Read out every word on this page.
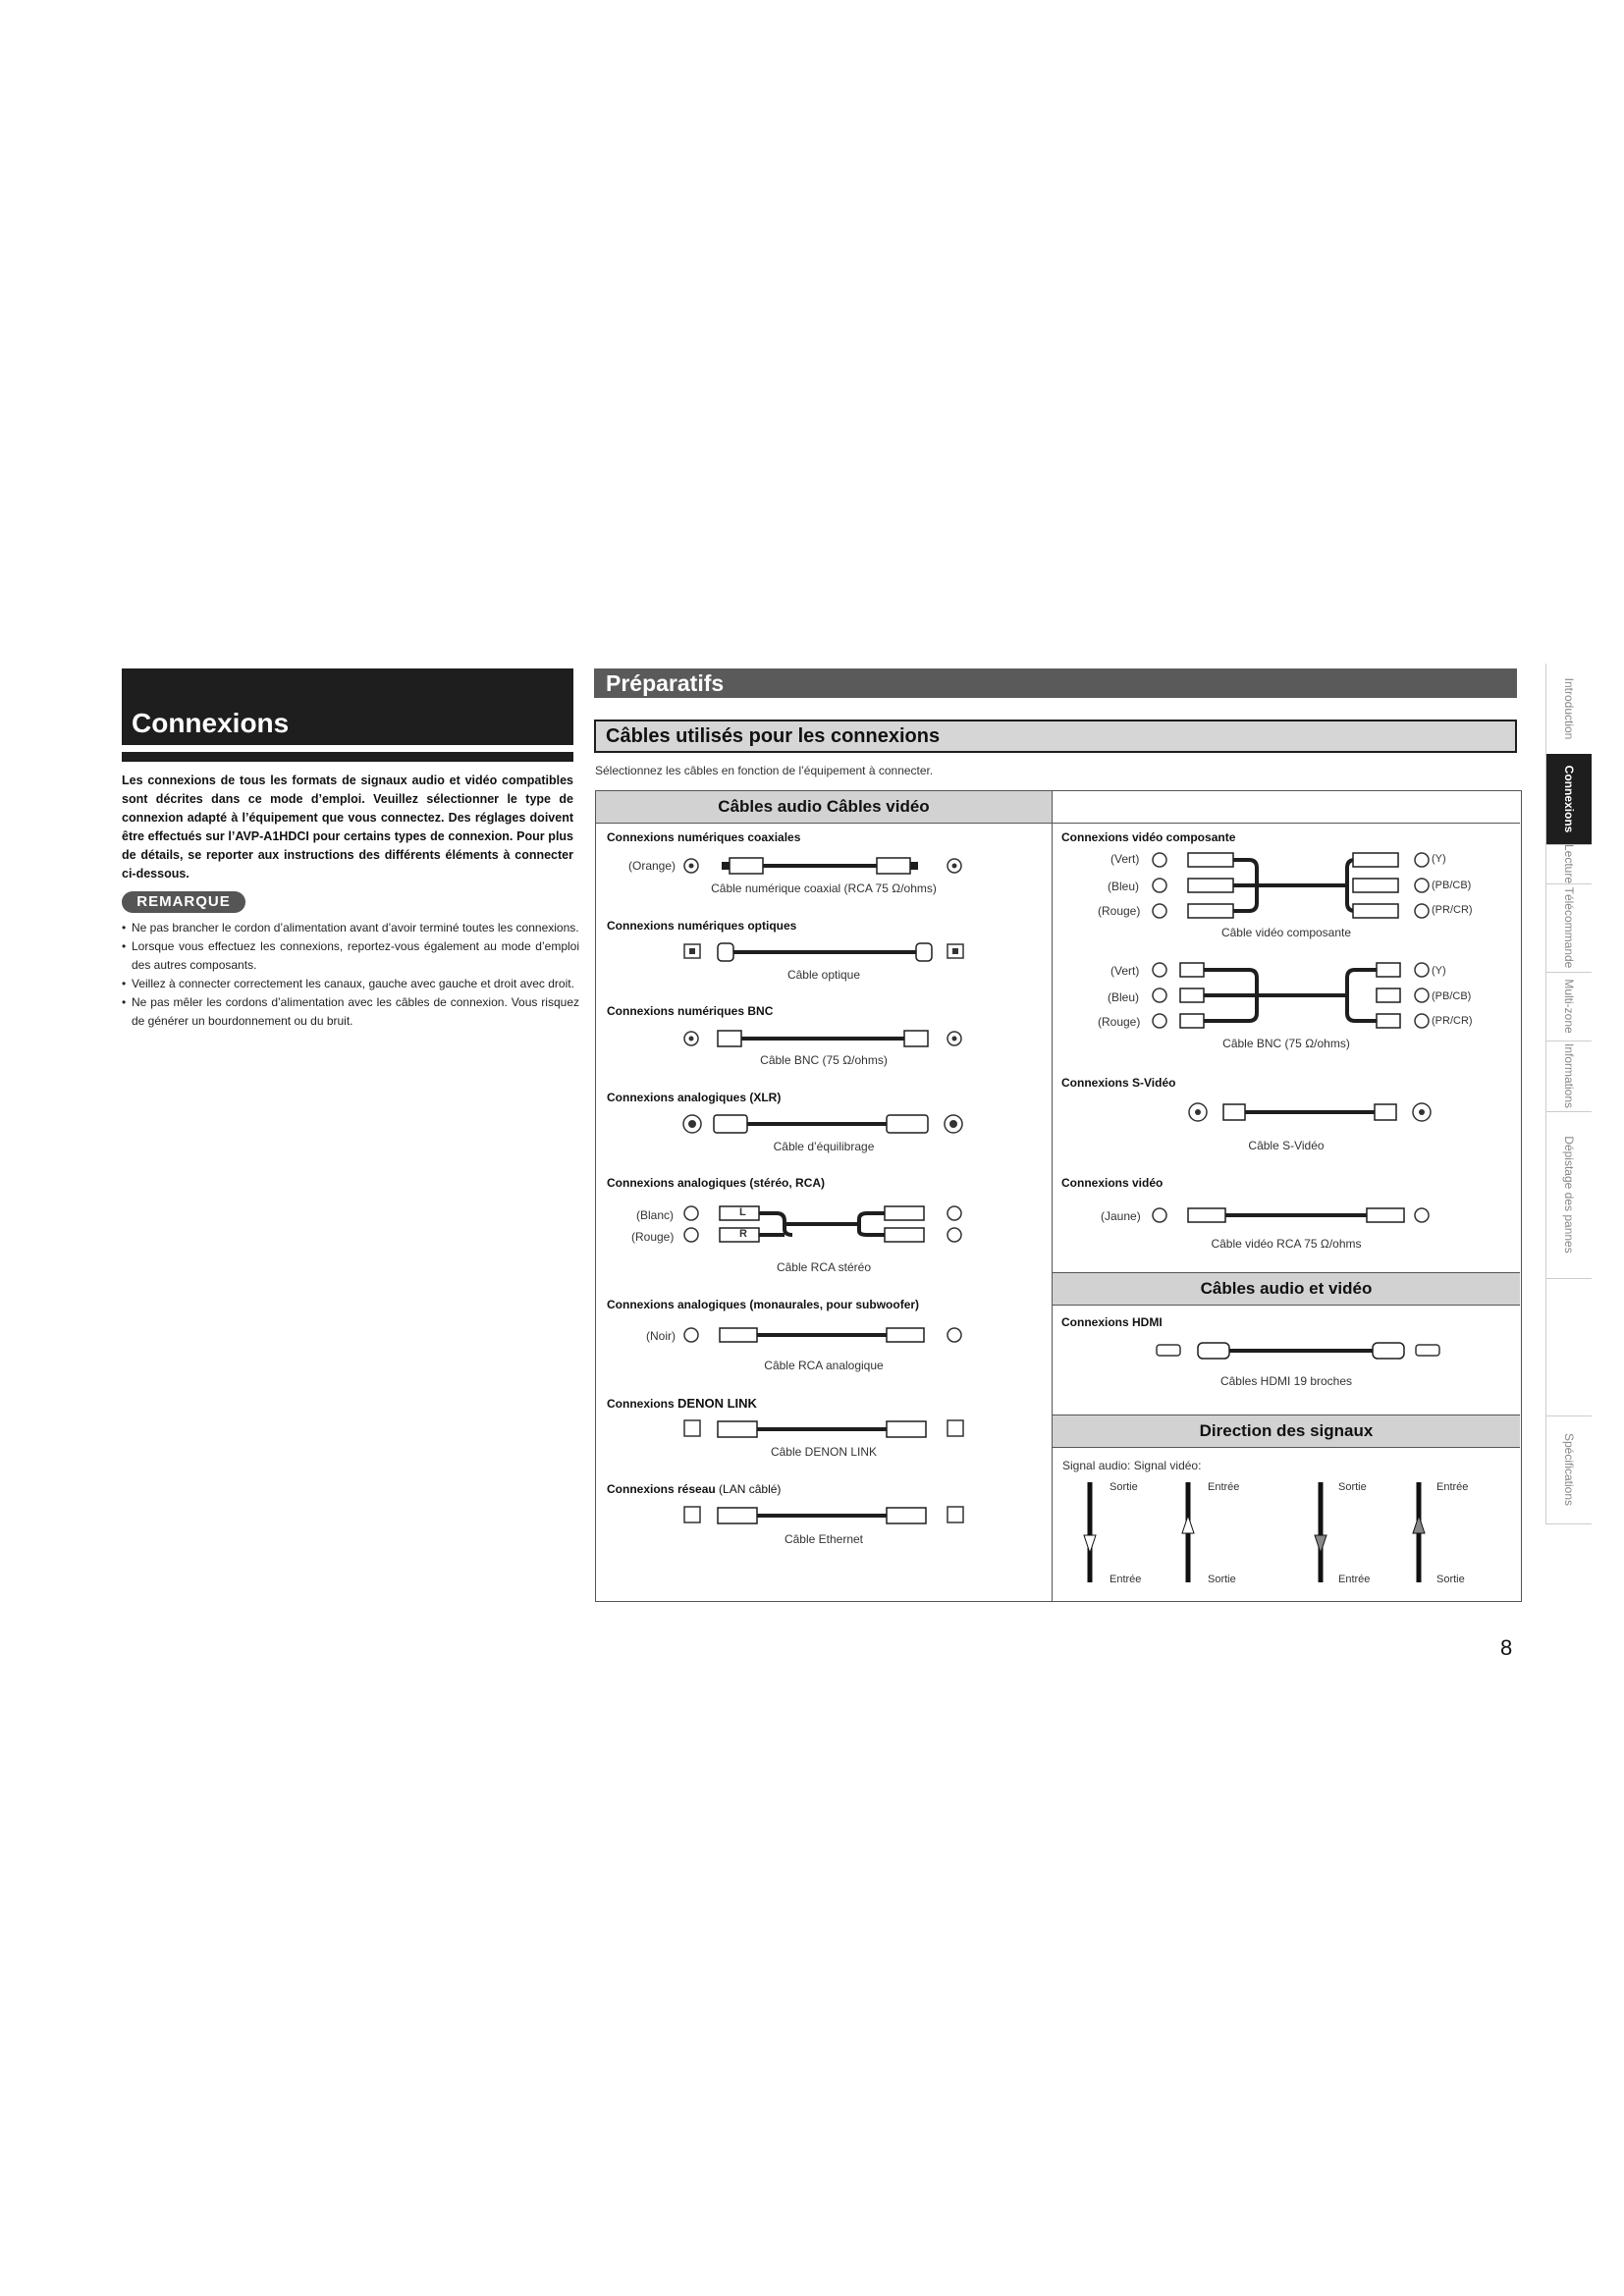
Connexions
Les connexions de tous les formats de signaux audio et vidéo compatibles sont décrites dans ce mode d’emploi. Veuillez sélectionner le type de connexion adapté à l’équipement que vous connectez. Des réglages doivent être effectués sur l’AVP-A1HDCI pour certains types de connexion. Pour plus de détails, se reporter aux instructions des différents éléments à connecter ci-dessous.
REMARQUE
• Ne pas brancher le cordon d’alimentation avant d’avoir terminé toutes les connexions.
• Lorsque vous effectuez les connexions, reportez-vous également au mode d’emploi des autres composants.
• Veillez à connecter correctement les canaux, gauche avec gauche et droit avec droit.
• Ne pas mêler les cordons d’alimentation avec les câbles de connexion. Vous risquez de générer un bourdonnement ou du bruit.
Préparatifs
Câbles utilisés pour les connexions
Sélectionnez les câbles en fonction de l’équipement à connecter.
Câbles audio Câbles vidéo
Connexions numériques coaxiales
(Orange)
Câble numérique coaxial (RCA 75 Ω/ohms)
Connexions numériques optiques
Câble optique
Connexions numériques BNC
Câble BNC (75 Ω/ohms)
Connexions analogiques (XLR)
Câble d’équilibrage
Connexions analogiques (stéréo, RCA)
(Blanc)
(Rouge)
L
R
Câble RCA stéréo
Connexions analogiques (monaurales, pour subwoofer)
(Noir)
Câble RCA analogique
Connexions DENON LINK
Câble DENON LINK
Connexions réseau (LAN câblé)
Câble Ethernet
Connexions vidéo composante
(Vert)
(Bleu)
(Rouge)
(Y)
(PB/CB)
(PR/CR)
Câble vidéo composante
(Vert)
(Bleu)
(Rouge)
(Y)
(PB/CB)
(PR/CR)
Câble BNC (75 Ω/ohms)
Connexions S-Vidéo
Câble S-Vidéo
Connexions vidéo
(Jaune)
Câble vidéo RCA 75 Ω/ohms
Câbles audio et vidéo
Connexions HDMI
Câbles HDMI 19 broches
Direction des signaux
Signal audio: Signal vidéo:
Sortie
Entrée
Entrée
Sortie
Sortie
Entrée
Entrée
Sortie
Introduction
Connexions
Lecture
Télécommande
Multi-zone
Informations
Dépistage des pannes
Spécifications
8
